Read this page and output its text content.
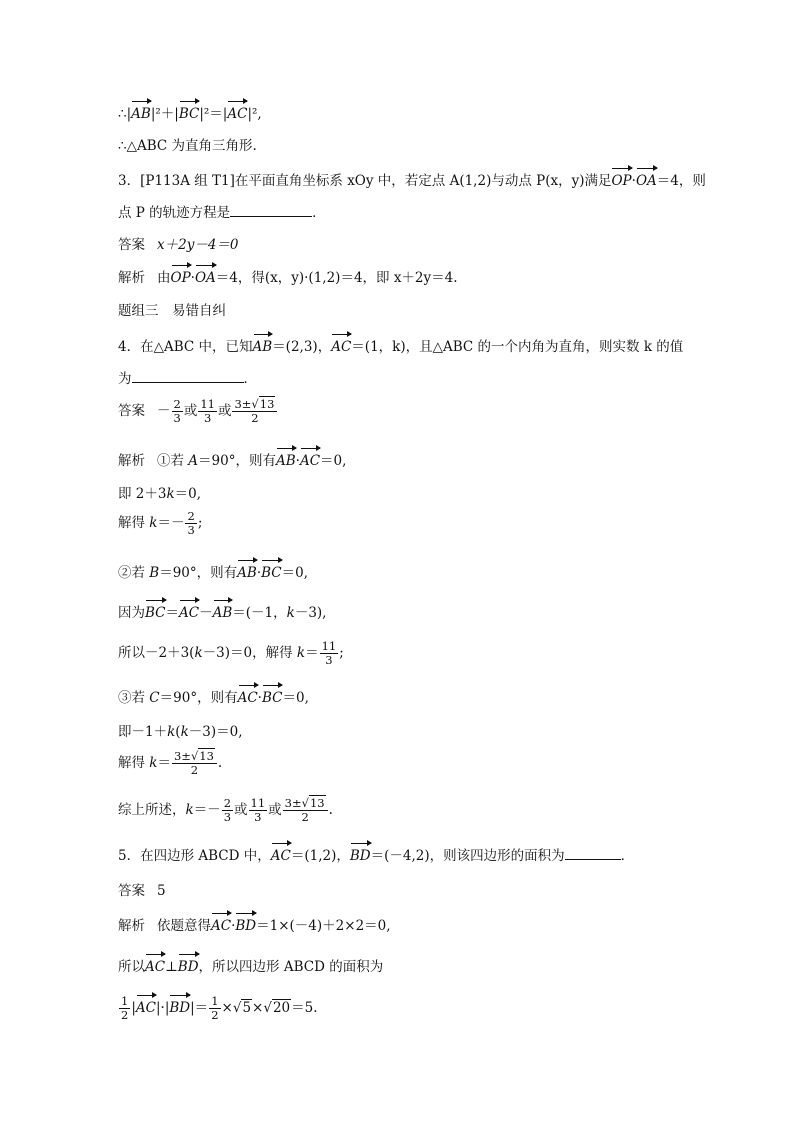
∴|AB|²＋|BC|²＝|AC|²,
∴△ABC 为直角三角形.
3．[P113A 组 T1]在平面直角坐标系 xOy 中，若定点 A(1,2)与动点 P(x，y)满足OP·OA＝4，则
点 P 的轨迹方程是	．
答案 x＋2y－4＝0
解析 由OP·OA＝4，得(x，y)·(1,2)＝4，即 x＋2y＝4.
题组三　易错自纠
4．在△ABC 中，已知AB＝(2,3)，AC＝(1，k)，且△ABC 的一个内角为直角，则实数 k 的值
为	．
答案 － $\frac{2}{3}$ 或 $\frac{11}{3}$ 或 $\frac{3\pm√13}{2}$
解析 ①若 A＝90°，则有AB·AC＝0,
即 2＋3k＝0,
解得 $k=- \frac{2}{3}$ ;
②若 B＝90°，则有AB·BC＝0,
因为BC＝AC－AB＝(－1，k－3),
所以－2＋3(k－3)＝0，解得 $k= \frac{11}{3}$ ;
③若 C＝90°，则有AC·BC＝0,
即－1＋k(k－3)＝0,
解得 $k= \frac{3\pm√13}{2}$ .
综上所述，$k=- \frac{2}{3}$ 或 $\frac{11}{3}$ 或 $\frac{3\pm√13}{2}$ .
5．在四边形 ABCD 中，AC＝(1,2)，BD＝(－4,2)，则该四边形的面积为	．
答案 5
解析 依题意得AC·BD＝1×(－4)＋2×2＝0,
所以AC⊥BD，所以四边形 ABCD 的面积为
$\frac{1}{2} |AC|\cdot|BD|= \frac{1}{2} \times√5\times√20=5$.
